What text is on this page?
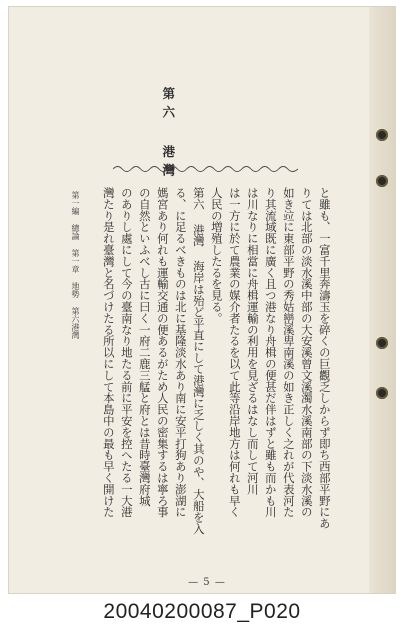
第六 港灣
と雖も、一富千里奔濤玉を碎くの巨觀乏しからず即ち西部平野にあ
りては北部の淡水溪中部の大安溪曾文溪濁水溪南部の下淡水溪の
如き竝に東部平野の秀姑巒溪卑南溪の如き正しく之れが代表河た
り其流域既に廣く且つ港なり舟楫の便甚だ伴はずと雖も而かも川
は川なりに相當に舟楫運輸の利用を見ざるはなし而して河川
は一方に於て農業の媒介者たるを以て此等沿岸地方は何れも早く
人民の増殖したるを見る。
第六 港灣 海岸は殆ど平直にして港灣に乏しく其のや、大船を入
る、に足るべきものは北に基隆淡水あり南に安平打狗あり澎湖に
媽宮あり何れも運輸交通の便あるがため人民の密集するは寧ろ事
の自然といふべし古に曰く一府二鹿三艋と府とは昔時臺灣府城
のありし處にして今の臺南なり地たる前に平安を控へたる一大港
灣たり是れ臺灣と名づけたる所以にして本島中の最も早く開けた
第一編 總論 第一章 地勢 第六港灣
— 5 —
20040200087_P020
